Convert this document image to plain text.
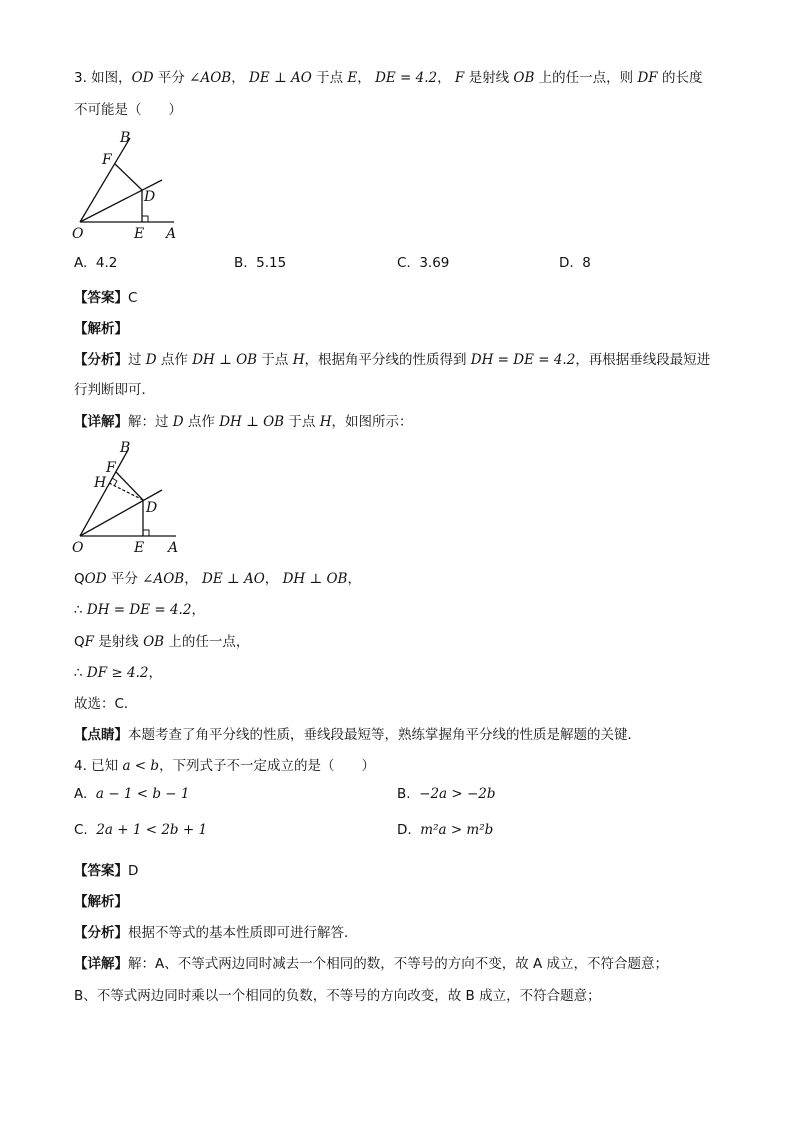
3. 如图，OD 平分 ∠AOB， DE ⊥ AO 于点 E， DE = 4.2， F 是射线 OB 上的任一点，则 DF 的长度
不可能是（　　）
B
F
D
O	E A
A. 4.2	B. 5.15	C. 3.69	D. 8
【答案】C
【解析】
【分析】过 D 点作 DH ⊥ OB 于点 H，根据角平分线的性质得到 DH = DE = 4.2，再根据垂线段最短进
行判断即可．
【详解】解：过 D 点作 DH ⊥ OB 于点 H，如图所示：
B
F
H
D
O	E A
QOD 平分 ∠AOB， DE ⊥ AO， DH ⊥ OB，
∴ DH = DE = 4.2，
QF 是射线 OB 上的任一点，
∴ DF ≥ 4.2，
故选：C．
【点睛】本题考查了角平分线的性质，垂线段最短等，熟练掌握角平分线的性质是解题的关键．
4. 已知 a < b，下列式子不一定成立的是（　　）
A. a − 1 < b − 1	B. −2a > −2b
C. 2a + 1 < 2b + 1	D. m²a > m²b
【答案】D
【解析】
【分析】根据不等式的基本性质即可进行解答．
【详解】解：A、不等式两边同时减去一个相同的数，不等号的方向不变，故 A 成立，不符合题意；
B、不等式两边同时乘以一个相同的负数，不等号的方向改变，故 B 成立，不符合题意；
